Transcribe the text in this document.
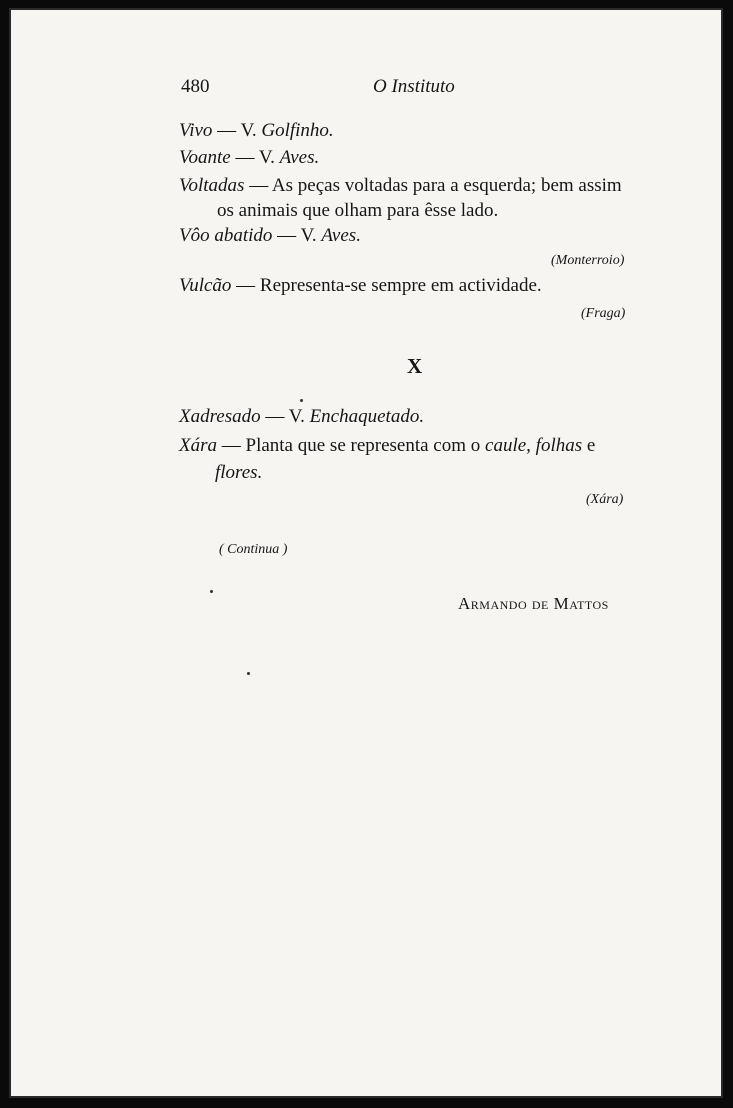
480	O Instituto
Vivo — V. Golfinho.
Voante — V. Aves.
Voltadas — As peças voltadas para a esquerda; bem assim
os animais que olham para êsse lado.
Vôo abatido — V. Aves.
(Monterroio)
Vulcão — Representa-se sempre em actividade.
(Fraga)
X
Xadresado — V. Enchaquetado.
Xára — Planta que se representa com o caule, folhas e
flores.
(Xára)
( Continua )
Armando de Mattos
